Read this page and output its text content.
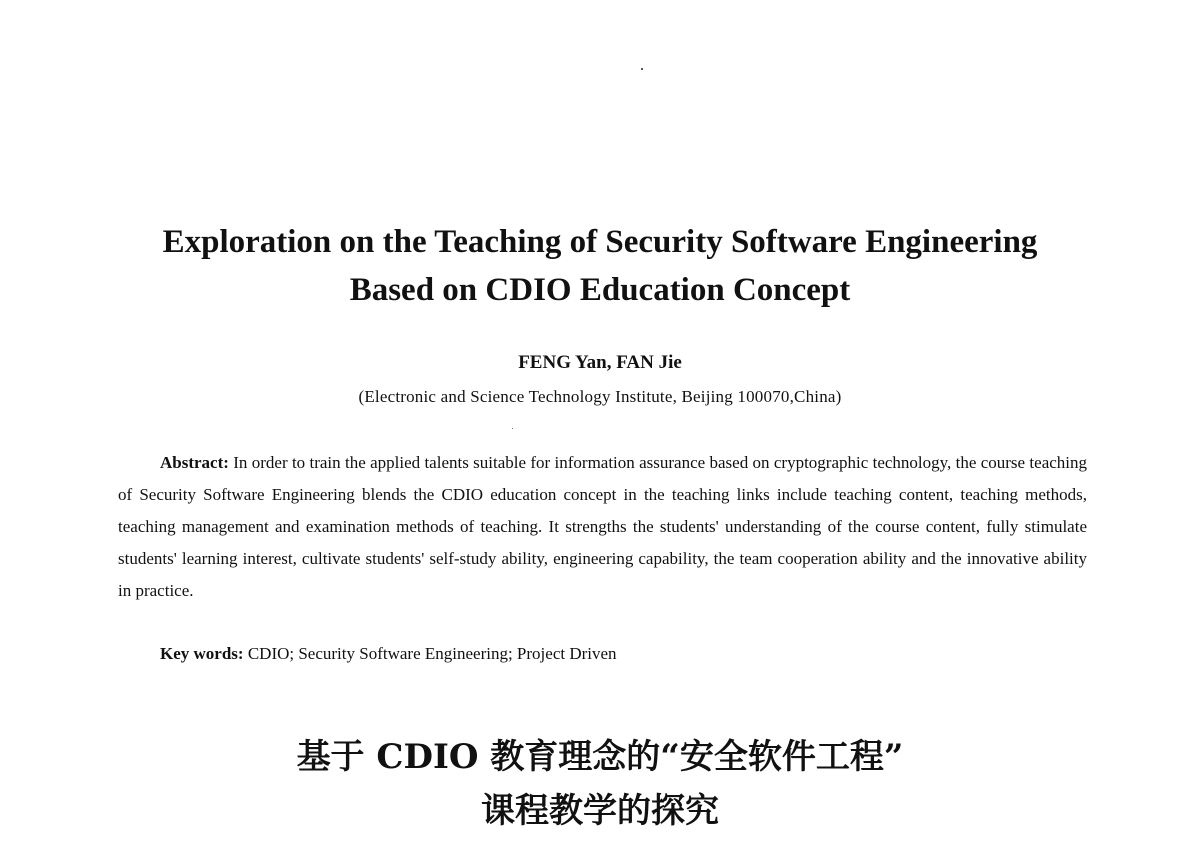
Exploration on the Teaching of Security Software Engineering
Based on CDIO Education Concept
FENG Yan, FAN Jie
(Electronic and Science Technology Institute, Beijing 100070,China)

Abstract: In order to train the applied talents suitable for information assurance based on cryptographic technology, the course teaching of Security Software Engineering blends the CDIO education concept in the teaching links include teaching content, teaching methods, teaching management and examination methods of teaching. It strengths the students' understanding of the course content, fully stimulate students' learning interest, cultivate students' self-study ability, engineering capability, the team cooperation ability and the innovative ability in practice.

Key words: CDIO; Security Software Engineering; Project Driven

基于 CDIO 教育理念的“安全软件工程”
课程教学的探究
